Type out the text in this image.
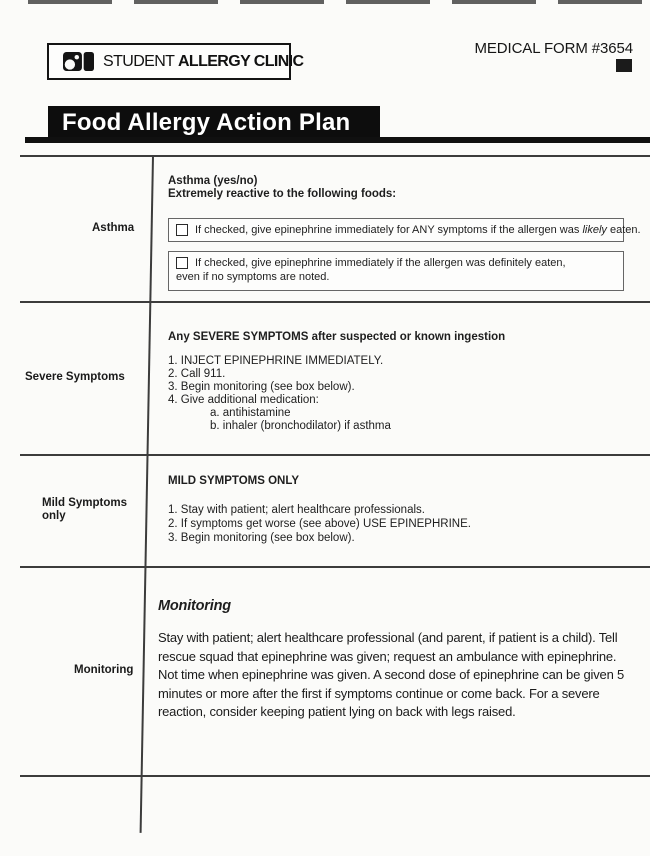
STUDENT ALLERGY CLINIC
MEDICAL FORM #3654
Food Allergy Action Plan
Asthma
Asthma (yes/no)
Extremely reactive to the following foods:
If checked, give epinephrine immediately for ANY symptoms if the allergen was likely eaten.
If checked, give epinephrine immediately if the allergen was definitely eaten,
even if no symptoms are noted.
Severe Symptoms
Any SEVERE SYMPTOMS after suspected or known ingestion
1. INJECT EPINEPHRINE IMMEDIATELY.
2. Call 911.
3. Begin monitoring (see box below).
4. Give additional medication:
a. antihistamine
b. inhaler (bronchodilator) if asthma
Mild Symptoms
only
MILD SYMPTOMS ONLY
1. Stay with patient; alert healthcare professionals.
2. If symptoms get worse (see above) USE EPINEPHRINE.
3. Begin monitoring (see box below).
Monitoring
Monitoring
Stay with patient; alert healthcare professional (and parent, if patient is a child). Tell rescue squad that epinephrine was given; request an ambulance with epinephrine. Not time when epinephrine was given. A second dose of epinephrine can be given 5 minutes or more after the first if symptoms continue or come back. For a severe reaction, consider keeping patient lying on back with legs raised.
